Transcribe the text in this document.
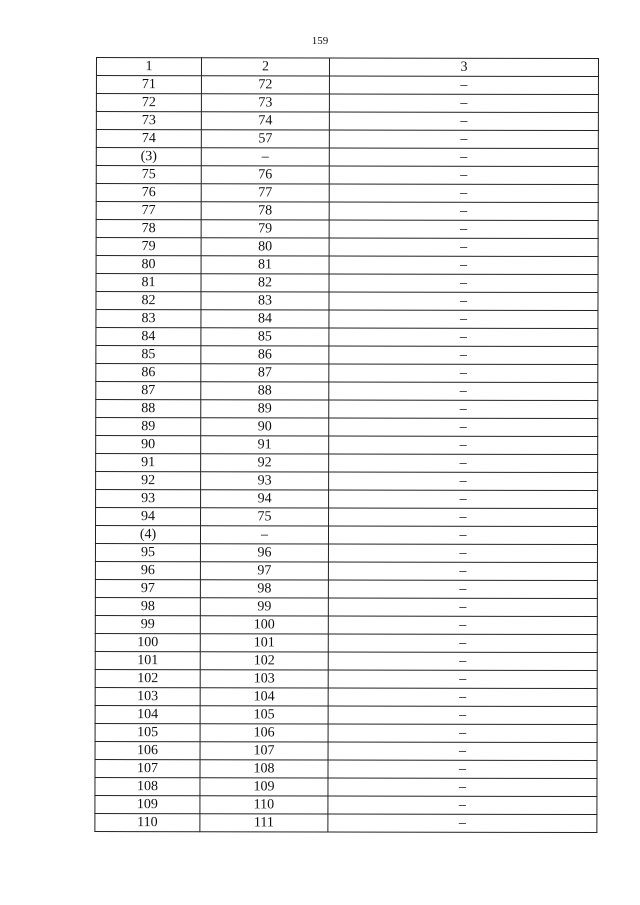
159
1	2	3
71	72	–
72	73	–
73	74	–
74	57	–
(3)	–	–
75	76	–
76	77	–
77	78	–
78	79	–
79	80	–
80	81	–
81	82	–
82	83	–
83	84	–
84	85	–
85	86	–
86	87	–
87	88	–
88	89	–
89	90	–
90	91	–
91	92	–
92	93	–
93	94	–
94	75	–
(4)	–	–
95	96	–
96	97	–
97	98	–
98	99	–
99	100	–
100	101	–
101	102	–
102	103	–
103	104	–
104	105	–
105	106	–
106	107	–
107	108	–
108	109	–
109	110	–
110	111	–
